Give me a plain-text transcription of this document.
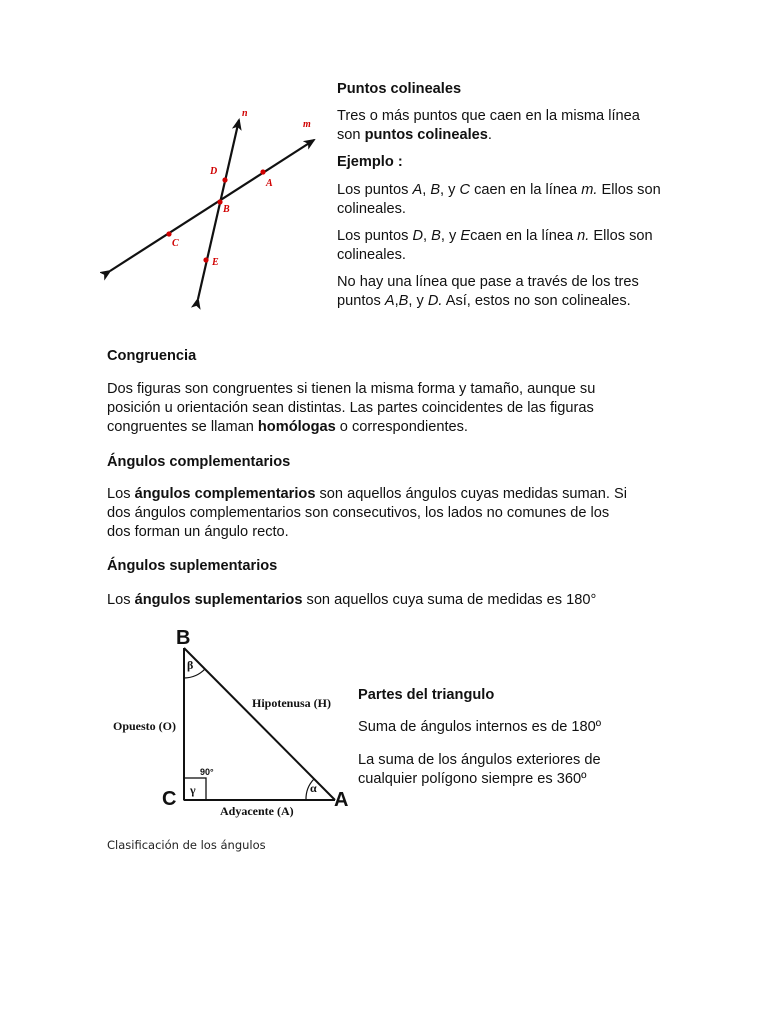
n
m
D
A
B
C
E

Puntos colineales

Tres o más puntos que caen en la misma línea son puntos colineales.

Ejemplo :

Los puntos A, B, y C caen en la línea m. Ellos son colineales.

Los puntos D, B, y Ecaen en la línea n. Ellos son colineales.

No hay una línea que pase a través de los tres puntos A,B, y D. Así, estos no son colineales.

Congruencia

Dos figuras son congruentes si tienen la misma forma y tamaño, aunque su posición u orientación sean distintas. Las partes coincidentes de las figuras congruentes se llaman homólogas o correspondientes.

Ángulos complementarios

Los ángulos complementarios son aquellos ángulos cuyas medidas suman. Si dos ángulos complementarios son consecutivos, los lados no comunes de los dos forman un ángulo recto.

Ángulos suplementarios

Los ángulos suplementarios son aquellos cuya suma de medidas es 180°

B
C	A
β
γ	α
90°
Hipotenusa (H)
Opuesto (O)
Adyacente (A)

Partes del triangulo

Suma de ángulos internos es de 180º

La suma de los ángulos exteriores de cualquier polígono siempre es 360º

Clasificación de los ángulos
